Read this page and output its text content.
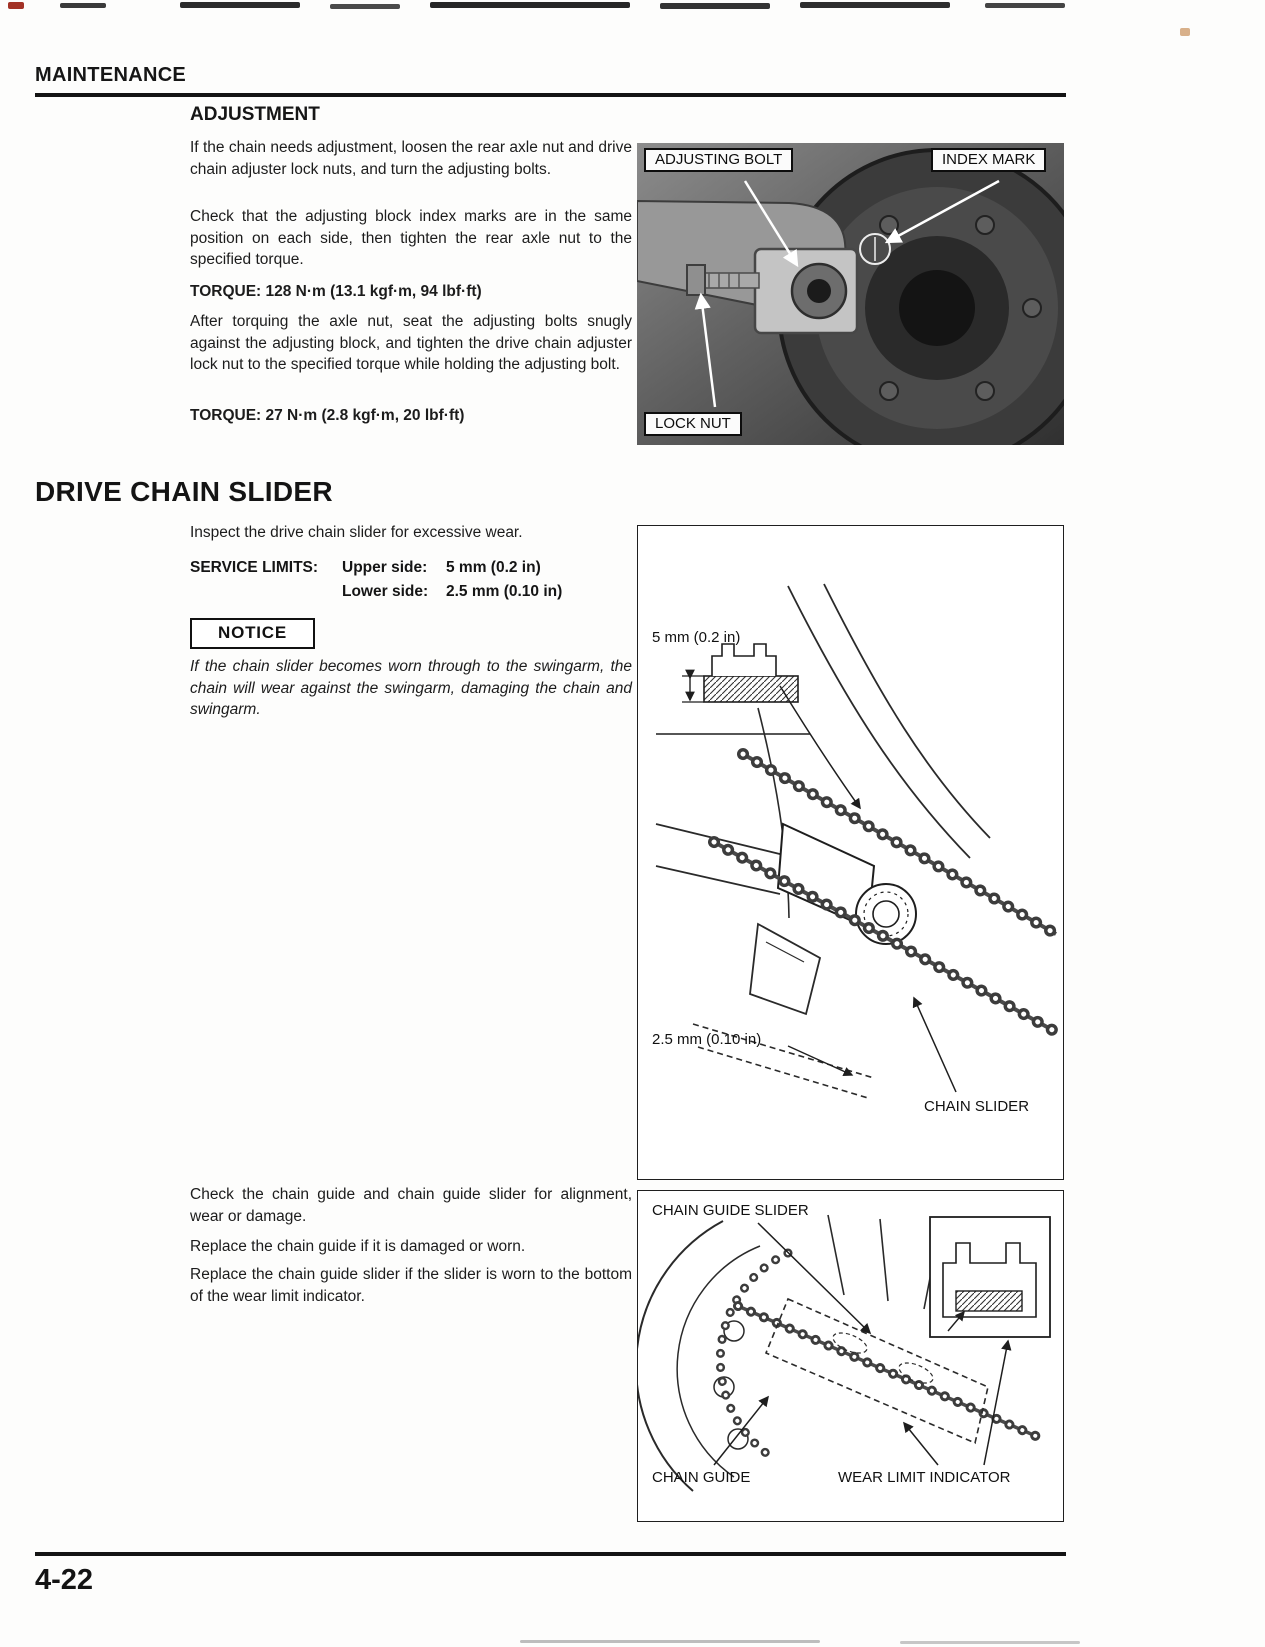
MAINTENANCE
ADJUSTMENT
If the chain needs adjustment, loosen the rear axle nut and drive chain adjuster lock nuts, and turn the adjusting bolts.
Check that the adjusting block index marks are in the same position on each side, then tighten the rear axle nut to the specified torque.
TORQUE: 128 N·m (13.1 kgf·m, 94 lbf·ft)
After torquing the axle nut, seat the adjusting bolts snugly against the adjusting block, and tighten the drive chain adjuster lock nut to the specified torque while holding the adjusting bolt.
TORQUE: 27 N·m (2.8 kgf·m, 20 lbf·ft)
ADJUSTING BOLT	INDEX MARK
LOCK NUT
DRIVE CHAIN SLIDER
Inspect the drive chain slider for excessive wear.
SERVICE LIMITS: Upper side: 5 mm (0.2 in)
Lower side: 2.5 mm (0.10 in)
NOTICE
If the chain slider becomes worn through to the swingarm, the chain will wear against the swingarm, damaging the chain and swingarm.
5 mm (0.2 in)
2.5 mm (0.10 in)
CHAIN SLIDER
Check the chain guide and chain guide slider for alignment, wear or damage.
Replace the chain guide if it is damaged or worn.
Replace the chain guide slider if the slider is worn to the bottom of the wear limit indicator.
CHAIN GUIDE SLIDER
CHAIN GUIDE	WEAR LIMIT INDICATOR
4-22
